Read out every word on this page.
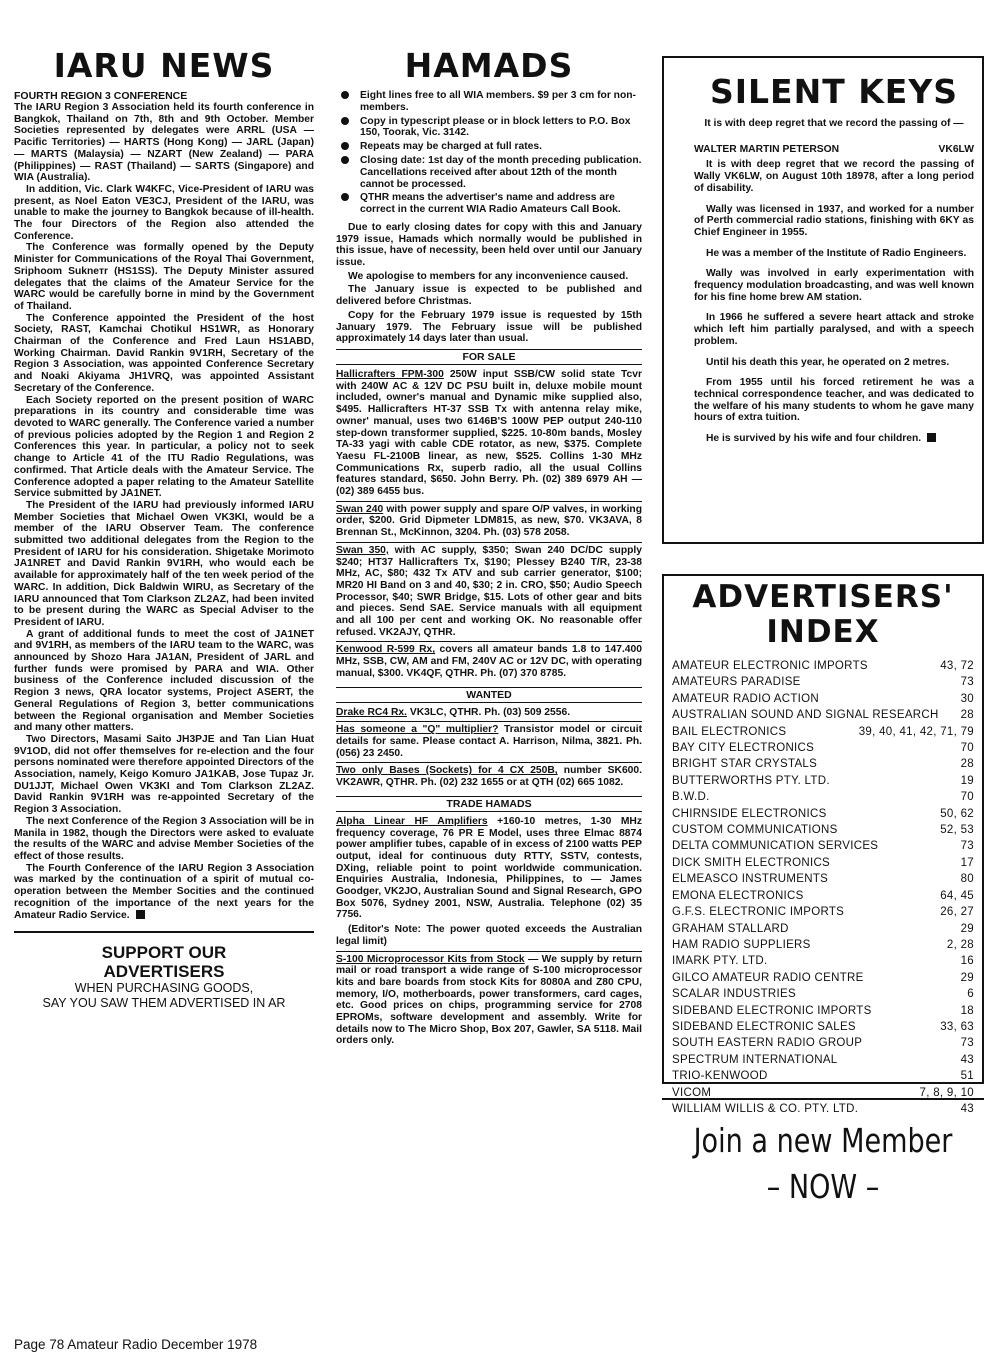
IARU NEWS
FOURTH REGION 3 CONFERENCE

The IARU Region 3 Association held its fourth conference in Bangkok, Thailand on 7th, 8th and 9th October. Member Societies represented by delegates were ARRL (USA — Pacific Territories) — HARTS (Hong Kong) — JARL (Japan) — MARTS (Malaysia) — NZART (New Zealand) — PARA (Philippines) — RAST (Thailand) — SARTS (Singapore) and WIA (Australia).

In addition, Vic. Clark W4KFC, Vice-President of IARU was present, as Noel Eaton VE3CJ, President of the IARU, was unable to make the journey to Bangkok because of ill-health. The four Directors of the Region also attended the Conference.

The Conference was formally opened by the Deputy Minister for Communications of the Royal Thai Government, Sriphoom Sukneтr (HS1SS). The Deputy Minister assured delegates that the claims of the Amateur Service for the WARC would be carefully borne in mind by the Government of Thailand.

The Conference appointed the President of the host Society, RAST, Kamchai Chotikul HS1WR, as Honorary Chairman of the Conference and Fred Laun HS1ABD, Working Chairman. David Rankin 9V1RH, Secretary of the Region 3 Association, was appointed Conference Secretary and Noaki Akiyama JH1VRQ, was appointed Assistant Secretary of the Conference.

Each Society reported on the present position of WARC preparations in its country and considerable time was devoted to WARC generally. The Conference varied a number of previous policies adopted by the Region 1 and Region 2 Conferences this year. In particular, a policy not to seek change to Article 41 of the ITU Radio Regulations, was confirmed. That Article deals with the Amateur Service. The Conference adopted a paper relating to the Amateur Satellite Service submitted by JA1NET.

The President of the IARU had previously informed IARU Member Societies that Michael Owen VK3KI, would be a member of the IARU Observer Team. The conference submitted two additional delegates from the Region to the President of IARU for his consideration. Shigetake Morimoto JA1NRET and David Rankin 9V1RH, who would each be available for approximately half of the ten week period of the WARC. In addition, Dick Baldwin WIRU, as Secretary of the IARU announced that Tom Clarkson ZL2AZ, had been invited to be present during the WARC as Special Adviser to the President of IARU.

A grant of additional funds to meet the cost of JA1NET and 9V1RH, as members of the IARU team to the WARC, was announced by Shozo Hara JA1AN, President of JARL and further funds were promised by PARA and WIA. Other business of the Conference included discussion of the Region 3 news, QRA locator systems, Project ASERT, the General Regulations of Region 3, better communications between the Regional organisation and Member Societies and many other matters.

Two Directors, Masami Saito JH3PJE and Tan Lian Huat 9V1OD, did not offer themselves for re-election and the four persons nominated were therefore appointed Directors of the Association, namely, Keigo Komuro JA1KAB, Jose Tupaz Jr. DU1JJT, Michael Owen VK3KI and Tom Clarkson ZL2AZ. David Rankin 9V1RH was re-appointed Secretary of the Region 3 Association.

The next Conference of the Region 3 Association will be in Manila in 1982, though the Directors were asked to evaluate the results of the WARC and advise Member Societies of the effect of those results.

The Fourth Conference of the IARU Region 3 Association was marked by the continuation of a spirit of mutual co-operation between the Member Socities and the continued recognition of the importance of the next years for the Amateur Radio Service.

SUPPORT OUR
ADVERTISERS
WHEN PURCHASING GOODS,
SAY YOU SAW THEM ADVERTISED IN AR
HAMADS
Eight lines free to all WIA members. $9 per 3 cm for non-members.
Copy in typescript please or in block letters to P.O. Box 150, Toorak, Vic. 3142.
Repeats may be charged at full rates.
Closing date: 1st day of the month preceding publication. Cancellations received after about 12th of the month cannot be processed.
QTHR means the advertiser's name and address are correct in the current WIA Radio Amateurs Call Book.

Due to early closing dates for copy with this and January 1979 issue, Hamads which normally would be published in this issue, have of necessity, been held over until our January issue.

We apologise to members for any inconvenience caused.

The January issue is expected to be published and delivered before Christmas.

Copy for the February 1979 issue is requested by 15th January 1979. The February issue will be published approximately 14 days later than usual.

FOR SALE
Hallicrafters FPM-300 250W input SSB/CW solid state Tcvr with 240W AC & 12V DC PSU built in, deluxe mobile mount included, owner's manual and Dynamic mike supplied also, $495. Hallicrafters HT-37 SSB Tx with antenna relay mike, owner' manual, uses two 6146B'S 100W PEP output 240-110 step-down transformer supplied, $225. 10-80m bands, Mosley TA-33 yagi with cable CDE rotator, as new, $375. Complete Yaesu FL-2100B linear, as new, $525. Collins 1-30 MHz Communications Rx, superb radio, all the usual Collins features standard, $650. John Berry. Ph. (02) 389 6979 AH — (02) 389 6455 bus.
Swan 240 with power supply and spare O/P valves, in working order, $200. Grid Dipmeter LDM815, as new, $70. VK3AVA, 8 Brennan St., McKinnon, 3204. Ph. (03) 578 2058.
Swan 350, with AC supply, $350; Swan 240 DC/DC supply $240; HT37 Hallicrafters Tx, $190; Plessey B240 T/R, 23-38 MHz, AC, $80; 432 Tx ATV and sub carrier generator, $100; MR20 HI Band on 3 and 40, $30; 2 in. CRO, $50; Audio Speech Processor, $40; SWR Bridge, $15. Lots of other gear and bits and pieces. Send SAE. Service manuals with all equipment and all 100 per cent and working OK. No reasonable offer refused. VK2AJY, QTHR.
Kenwood R-599 Rx, covers all amateur bands 1.8 to 147.400 MHz, SSB, CW, AM and FM, 240V AC or 12V DC, with operating manual, $300. VK4QF, QTHR. Ph. (07) 370 8785.
WANTED
Drake RC4 Rx. VK3LC, QTHR. Ph. (03) 509 2556.
Has someone a "Q" multiplier? Transistor model or circuit details for same. Please contact A. Harrison, Nilma, 3821. Ph. (056) 23 2450.
Two only Bases (Sockets) for 4 CX 250B, number SK600. VK2AWR, QTHR. Ph. (02) 232 1655 or at QTH (02) 665 1082.
TRADE HAMADS
Alpha Linear HF Amplifiers +160-10 metres, 1-30 MHz frequency coverage, 76 PR E Model, uses three Elmac 8874 power amplifier tubes, capable of in excess of 2100 watts PEP output, ideal for continuous duty RTTY, SSTV, contests, DXing, reliable point to point worldwide communication. Enquiries Australia, Indonesia, Philippines, to — James Goodger, VK2JO, Australian Sound and Signal Research, GPO Box 5076, Sydney 2001, NSW, Australia. Telephone (02) 35 7756.

(Editor's Note: The power quoted exceeds the Australian legal limit)

S-100 Microprocessor Kits from Stock — We supply by return mail or road transport a wide range of S-100 microprocessor kits and bare boards from stock Kits for 8080A and Z80 CPU, memory, I/O, motherboards, power transformers, card cages, etc. Good prices on chips, programming service for 2708 EPROMs, software development and assembly. Write for details now to The Micro Shop, Box 207, Gawler, SA 5118. Mail orders only.
SILENT KEYS

It is with deep regret that we record the passing of —

WALTER MARTIN PETERSON	VK6LW

It is with deep regret that we record the passing of Wally VK6LW, on August 10th 18978, after a long period of disability.

Wally was licensed in 1937, and worked for a number of Perth commercial radio stations, finishing with 6KY as Chief Engineer in 1955.

He was a member of the Institute of Radio Engineers.

Wally was involved in early experimentation with frequency modulation broadcasting, and was well known for his fine home brew AM station.

In 1966 he suffered a severe heart attack and stroke which left him partially paralysed, and with a speech problem.

Until his death this year, he operated on 2 metres.

From 1955 until his forced retirement he was a technical correspondence teacher, and was dedicated to the welfare of his many students to whom he gave many hours of extra tuition.

He is survived by his wife and four children.

ADVERTISERS'
INDEX
AMATEUR ELECTRONIC IMPORTS	43, 72
AMATEURS PARADISE	73
AMATEUR RADIO ACTION	30
AUSTRALIAN SOUND AND SIGNAL RESEARCH	28
BAIL ELECTRONICS	39, 40, 41, 42, 71, 79
BAY CITY ELECTRONICS	70
BRIGHT STAR CRYSTALS	28
BUTTERWORTHS PTY. LTD.	19
B.W.D.	70
CHIRNSIDE ELECTRONICS	50, 62
CUSTOM COMMUNICATIONS	52, 53
DELTA COMMUNICATION SERVICES	73
DICK SMITH ELECTRONICS	17
ELMEASCO INSTRUMENTS	80
EMONA ELECTRONICS	64, 45
G.F.S. ELECTRONIC IMPORTS	26, 27
GRAHAM STALLARD	29
HAM RADIO SUPPLIERS	2, 28
IMARK PTY. LTD.	16
GILCO AMATEUR RADIO CENTRE	29
SCALAR INDUSTRIES	6
SIDEBAND ELECTRONIC IMPORTS	18
SIDEBAND ELECTRONIC SALES	33, 63
SOUTH EASTERN RADIO GROUP	73
SPECTRUM INTERNATIONAL	43
TRIO-KENWOOD	51
VICOM	7, 8, 9, 10
WILLIAM WILLIS & CO. PTY. LTD.	43
Join a new Member
– NOW –
Page 78 Amateur Radio December 1978
